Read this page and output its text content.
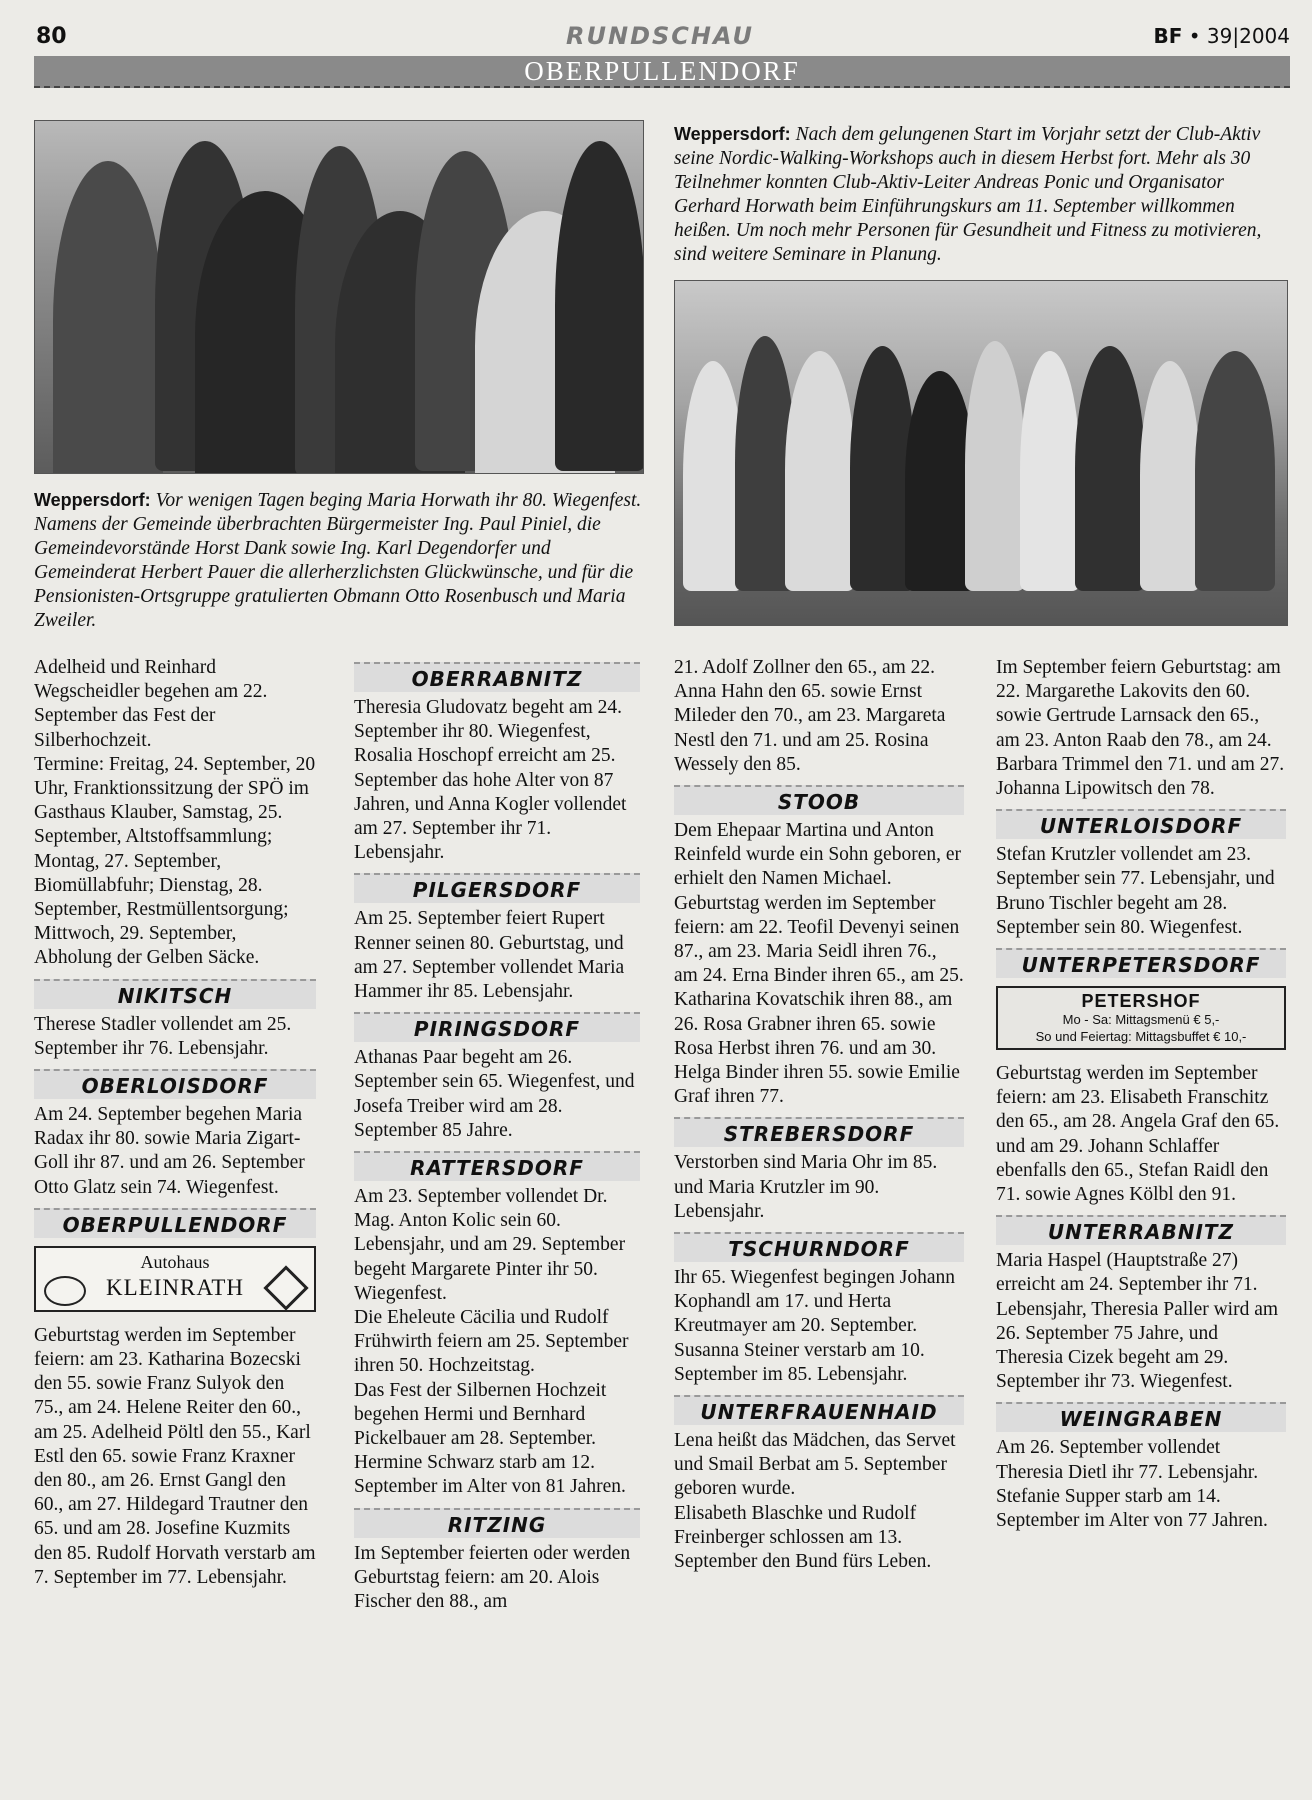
80	RUNDSCHAU	BF • 39|2004
OBERPULLENDORF
Weppersdorf: Vor wenigen Tagen beging Maria Horwath ihr 80. Wiegenfest. Namens der Gemeinde überbrachten Bürgermeister Ing. Paul Piniel, die Gemeindevorstände Horst Dank sowie Ing. Karl Degendorfer und Gemeinderat Herbert Pauer die allerherzlichsten Glückwünsche, und für die Pensionisten-Ortsgruppe gratulierten Obmann Otto Rosenbusch und Maria Zweiler.
Weppersdorf: Nach dem gelungenen Start im Vorjahr setzt der Club-Aktiv seine Nordic-Walking-Workshops auch in diesem Herbst fort. Mehr als 30 Teilnehmer konnten Club-Aktiv-Leiter Andreas Ponic und Organisator Gerhard Horwath beim Einführungskurs am 11. September willkommen heißen. Um noch mehr Personen für Gesundheit und Fitness zu motivieren, sind weitere Seminare in Planung.

Adelheid und Reinhard Wegscheidler begehen am 22. September das Fest der Silberhochzeit.

Termine: Freitag, 24. September, 20 Uhr, Franktionssitzung der SPÖ im Gasthaus Klauber, Samstag, 25. September, Altstoffsammlung; Montag, 27. September, Biomüllabfuhr; Dienstag, 28. September, Restmüllentsorgung; Mittwoch, 29. September, Abholung der Gelben Säcke.

NIKITSCH

Therese Stadler vollendet am 25. September ihr 76. Lebensjahr.

OBERLOISDORF

Am 24. September begehen Maria Radax ihr 80. sowie Maria Zigart-Goll ihr 87. und am 26. September Otto Glatz sein 74. Wiegenfest.

OBERPULLENDORF
Autohaus
KLEINRATH

Geburtstag werden im September feiern: am 23. Katharina Bozecski den 55. sowie Franz Sulyok den 75., am 24. Helene Reiter den 60., am 25. Adelheid Pöltl den 55., Karl Estl den 65. sowie Franz Kraxner den 80., am 26. Ernst Gangl den 60., am 27. Hildegard Trautner den 65. und am 28. Josefine Kuzmits den 85. Rudolf Horvath verstarb am 7. September im 77. Lebensjahr.

OBERRABNITZ

Theresia Gludovatz begeht am 24. September ihr 80. Wiegenfest, Rosalia Hoschopf erreicht am 25. September das hohe Alter von 87 Jahren, und Anna Kogler vollendet am 27. September ihr 71. Lebensjahr.

PILGERSDORF

Am 25. September feiert Rupert Renner seinen 80. Geburtstag, und am 27. September vollendet Maria Hammer ihr 85. Lebensjahr.

PIRINGSDORF

Athanas Paar begeht am 26. September sein 65. Wiegenfest, und Josefa Treiber wird am 28. September 85 Jahre.

RATTERSDORF

Am 23. September vollendet Dr. Mag. Anton Kolic sein 60. Lebensjahr, und am 29. September begeht Margarete Pinter ihr 50. Wiegenfest.

Die Eheleute Cäcilia und Rudolf Frühwirth feiern am 25. September ihren 50. Hochzeitstag.

Das Fest der Silbernen Hochzeit begehen Hermi und Bernhard Pickelbauer am 28. September.

Hermine Schwarz starb am 12. September im Alter von 81 Jahren.

RITZING

Im September feierten oder werden Geburtstag feiern: am 20. Alois Fischer den 88., am

21. Adolf Zollner den 65., am 22. Anna Hahn den 65. sowie Ernst Mileder den 70., am 23. Margareta Nestl den 71. und am 25. Rosina Wessely den 85.

STOOB

Dem Ehepaar Martina und Anton Reinfeld wurde ein Sohn geboren, er erhielt den Namen Michael.

Geburtstag werden im September feiern: am 22. Teofil Devenyi seinen 87., am 23. Maria Seidl ihren 76., am 24. Erna Binder ihren 65., am 25. Katharina Kovatschik ihren 88., am 26. Rosa Grabner ihren 65. sowie Rosa Herbst ihren 76. und am 30. Helga Binder ihren 55. sowie Emilie Graf ihren 77.

STREBERSDORF

Verstorben sind Maria Ohr im 85. und Maria Krutzler im 90. Lebensjahr.

TSCHURNDORF

Ihr 65. Wiegenfest begingen Johann Kophandl am 17. und Herta Kreutmayer am 20. September.

Susanna Steiner verstarb am 10. September im 85. Lebensjahr.

UNTERFRAUENHAID

Lena heißt das Mädchen, das Servet und Smail Berbat am 5. September geboren wurde.

Elisabeth Blaschke und Rudolf Freinberger schlossen am 13. September den Bund fürs Leben.

Im September feiern Geburtstag: am 22. Margarethe Lakovits den 60. sowie Gertrude Larnsack den 65., am 23. Anton Raab den 78., am 24. Barbara Trimmel den 71. und am 27. Johanna Lipowitsch den 78.

UNTERLOISDORF

Stefan Krutzler vollendet am 23. September sein 77. Lebensjahr, und Bruno Tischler begeht am 28. September sein 80. Wiegenfest.

UNTERPETERSDORF
PETERSHOF
Mo - Sa: Mittagsmenü € 5,-
So und Feiertag: Mittagsbuffet € 10,-

Geburtstag werden im September feiern: am 23. Elisabeth Franschitz den 65., am 28. Angela Graf den 65. und am 29. Johann Schlaffer ebenfalls den 65., Stefan Raidl den 71. sowie Agnes Kölbl den 91.

UNTERRABNITZ

Maria Haspel (Hauptstraße 27) erreicht am 24. September ihr 71. Lebensjahr, Theresia Paller wird am 26. September 75 Jahre, und Theresia Cizek begeht am 29. September ihr 73. Wiegenfest.

WEINGRABEN

Am 26. September vollendet Theresia Dietl ihr 77. Lebensjahr.

Stefanie Supper starb am 14. September im Alter von 77 Jahren.
